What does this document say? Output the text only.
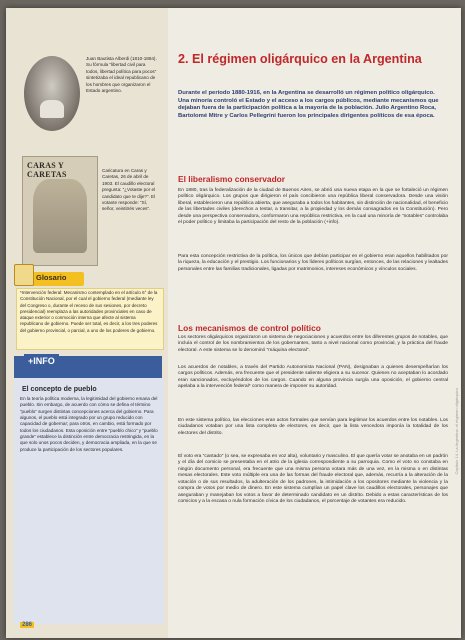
Juan Bautista Alberdi (1810-1884). Su fórmula “libertad civil para todos, libertad política para pocos” sintetizaba el ideal republicano de los hombres que organizaron el Estado argentino.
CARAS Y CARETAS	Caricatura en Caras y Caretas, 26 de abril de 1903. El caudillo electoral pregunta: “¿Votaste por el candidato que te dije?”. El votante responde: “Sí, señor, veintitrés veces”.
Glosario
*Intervención federal: Mecanismo contemplado en el artículo 6° de la Constitución Nacional, por el cual el gobierno federal (mediante ley del Congreso o, durante el receso de sus sesiones, por decreto presidencial) reemplaza a las autoridades provinciales en caso de ataque exterior o conmoción interna que afecte al sistema republicano de gobierno. Puede ser total, es decir, a los tres poderes del gobierno provincial, o parcial, a uno de los poderes de gobierno.
+INFO
El concepto de pueblo
En la teoría política moderna, la legitimidad del gobierno emana del pueblo. Sin embargo, de acuerdo con cómo se defina el término “pueblo” surgen distintas concepciones acerca del gobierno. Para algunos, el pueblo está integrado por un grupo reducido con capacidad de gobernar; para otros, en cambio, está formado por todos los ciudadanos. Esta oposición entre “pueblo chico” y “pueblo grande” establece la distinción entre democracia restringida, en la que solo unos pocos deciden, y democracia ampliada, en la que se produce la participación de los sectores populares.
286
2. El régimen oligárquico en la Argentina
Durante el período 1880-1916, en la Argentina se desarrolló un régimen político oligárquico. Una minoría controló el Estado y el acceso a los cargos públicos, mediante mecanismos que dejaban fuera de la participación política a la mayoría de la población. Julio Argentino Roca, Bartolomé Mitre y Carlos Pellegrini fueron los principales dirigentes políticos de esa época.
El liberalismo conservador
En 1880, tras la federalización de la ciudad de Buenos Aires, se abrió una nueva etapa en la que se fortaleció un régimen político oligárquico. Los grupos que dirigieron el país concibieron una república liberal conservadora. Desde una visión liberal, establecieron una república abierta, que aseguraba a todos los habitantes, sin distinción de nacionalidad, el beneficio de las libertades civiles (derechos a testar, a transitar, a la propiedad y los demás consagrados en la Constitución). Pero desde una perspectiva conservadora, conformaron una república restrictiva, en la cual una minoría de “notables” controlaba el poder político y limitaba la participación del resto de la población (+info).
Para esta concepción restrictiva de la política, los únicos que debían participar en el gobierno eran aquellos habilitados por la riqueza, la educación y el prestigio. Los funcionarios y los líderes políticos surgían, entonces, de las relaciones y lealtades personales entre las familias tradicionales, ligadas por matrimonios, intereses económicos y vínculos sociales.
Los mecanismos de control político
Los sectores oligárquicos organizaron un sistema de negociaciones y acuerdos entre los diferentes grupos de notables, que incluía el control de los nombramientos de los gobernantes, tanto a nivel nacional como provincial, y la práctica del fraude electoral. A este sistema se lo denominó “máquina electoral”.
Los acuerdos de notables, a través del Partido Autonomista Nacional (PAN), designaban a quienes desempeñarían los cargos políticos. Además, era frecuente que el presidente saliente eligiera a su sucesor. Quienes no aceptaban lo acordado eran sancionados, excluyéndolos de los cargos. Cuando en alguna provincia surgía una oposición, el gobierno central apelaba a la intervención federal* como manera de imponer su autoridad.
En este sistema político, las elecciones eran actos formales que servían para legitimar los acuerdos entre los notables. Los ciudadanos votaban por una lista completa de electores, es decir, que la lista vencedora imponía la totalidad de los electores del distrito.
El voto era “cantado” (o sea, se expresaba en voz alta), voluntario y masculino. El que quería votar se anotaba en un padrón y el día del comicio se presentaba en el atrio de la iglesia correspondiente a su parroquia. Como el voto no constaba en ningún documento personal, era frecuente que una misma persona votara más de una vez, en la misma o en distintas mesas electorales. Este voto múltiple era una de las formas del fraude electoral que, además, recurría a la alteración de la votación o de sus resultados, la adulteración de los padrones, la intimidación a los opositores mediante la violencia y la compra de votos por medio de dinero. En este sistema cumplían un papel clave los caudillos electorales, personajes que aseguraban y manejaban los votos a favor de determinado candidato en un distrito. Debido a estas características de los comicios y a la escasa o nula formación cívica de los ciudadanos, el porcentaje de votantes era reducido.
Capítulo 14. La Argentina: el régimen oligárquico
